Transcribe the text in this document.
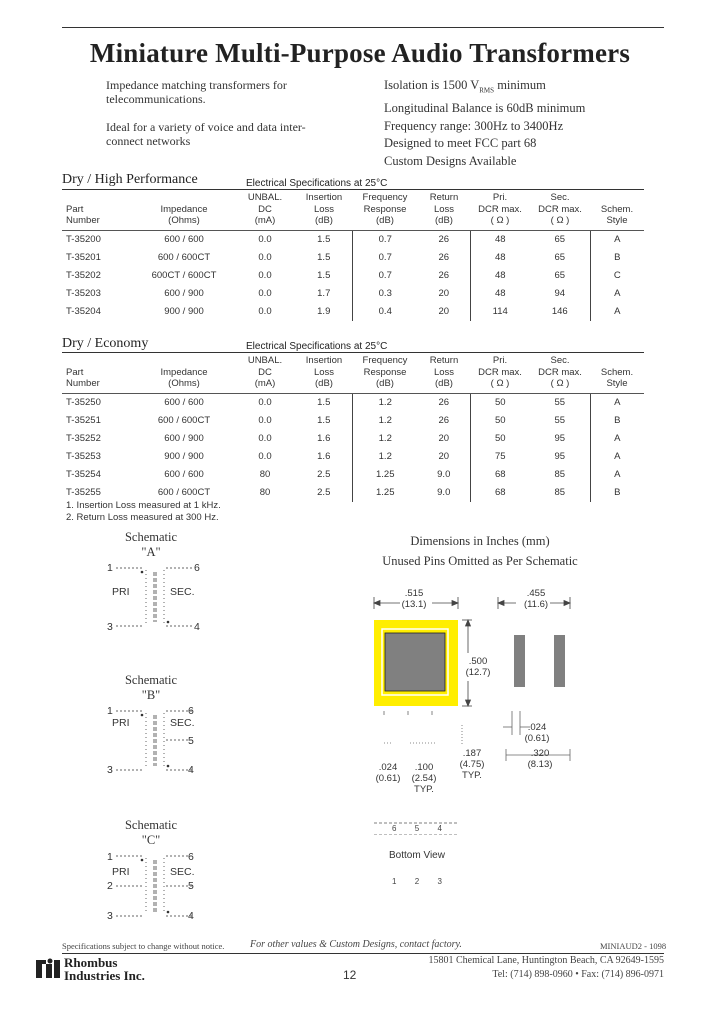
Miniature Multi-Purpose Audio Transformers
Impedance matching transformers for
telecommunications.
Ideal for a variety of voice and data inter-
connect networks
Isolation is 1500 $V_{RMS}$ minimum
Longitudinal Balance is 60dB minimum
Frequency range: 300Hz to 3400Hz
Designed to meet FCC part 68
Custom Designs Available
Dry / High Performance	Electrical Specifications at 25°C
Part
Number	Impedance
(Ohms)	UNBAL.
DC
(mA)	Insertion
Loss
(dB)	Frequency
Response
(dB)	Return
Loss
(dB)	Pri.
DCR max.
( Ω )	Sec.
DCR max.
( Ω )	Schem.
Style
T-35200	600 / 600	0.0	1.5	0.7	26	48	65	A
T-35201	600 / 600CT	0.0	1.5	0.7	26	48	65	B
T-35202	600CT / 600CT	0.0	1.5	0.7	26	48	65	C
T-35203	600 / 900	0.0	1.7	0.3	20	48	94	A
T-35204	900 / 900	0.0	1.9	0.4	20	114	146	A
Dry / Economy	Electrical Specifications at 25°C
Part
Number	Impedance
(Ohms)	UNBAL.
DC
(mA)	Insertion
Loss
(dB)	Frequency
Response
(dB)	Return
Loss
(dB)	Pri.
DCR max.
( Ω )	Sec.
DCR max.
( Ω )	Schem.
Style
T-35250	600 / 600	0.0	1.5	1.2	26	50	55	A
T-35251	600 / 600CT	0.0	1.5	1.2	26	50	55	B
T-35252	600 / 900	0.0	1.6	1.2	20	50	95	A
T-35253	900 / 900	0.0	1.6	1.2	20	75	95	A
T-35254	600 / 600	80	2.5	1.25	9.0	68	85	A
T-35255	600 / 600CT	80	2.5	1.25	9.0	68	85	B
1. Insertion Loss measured at 1 kHz.
2. Return Loss measured at 300 Hz.
Schematic
"A"
1	6
PRI	SEC.
3	4
Schematic
"B"
1	6
PRI	SEC.
5
3	4
Schematic
"C"
1	6
PRI	SEC.
2	5
3	4
Dimensions in Inches (mm)
Unused Pins Omitted as Per Schematic
.515
(13.1)
.455
(11.6)
.500
(12.7)
.024
(0.61)
.024
(0.61)
.100
(2.54)
TYP.
.187
(4.75)
TYP.
.320
(8.13)
6 5 4
Bottom View
1 2 3
Specifications subject to change without notice.	For other values & Custom Designs, contact factory.	MINIAUD2 - 1098
Rhombus
Industries Inc.	12
15801 Chemical Lane, Huntington Beach, CA 92649-1595
Tel: (714) 898-0960 • Fax: (714) 896-0971
